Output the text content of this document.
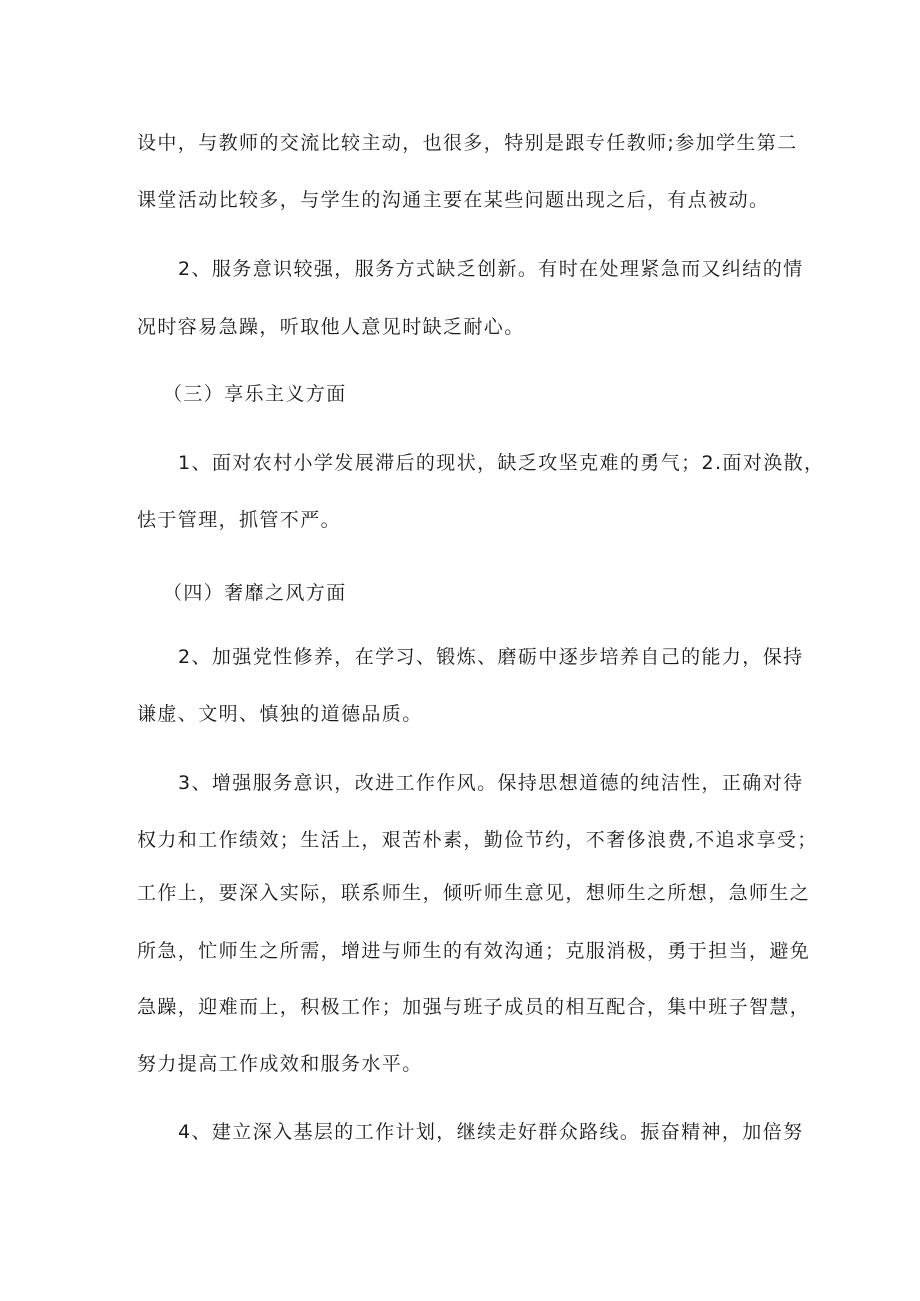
设中，与教师的交流比较主动，也很多，特别是跟专任教师;参加学生第二

课堂活动比较多，与学生的沟通主要在某些问题出现之后，有点被动。

2、服务意识较强，服务方式缺乏创新。有时在处理紧急而又纠结的情

况时容易急躁，听取他人意见时缺乏耐心。

（三）享乐主义方面

1、面对农村小学发展滞后的现状，缺乏攻坚克难的勇气；2.面对涣散，

怯于管理，抓管不严。

（四）奢靡之风方面

2、加强党性修养，在学习、锻炼、磨砺中逐步培养自己的能力，保持

谦虚、文明、慎独的道德品质。

3、增强服务意识，改进工作作风。保持思想道德的纯洁性，正确对待

权力和工作绩效；生活上，艰苦朴素，勤俭节约，不奢侈浪费,不追求享受；

工作上，要深入实际，联系师生，倾听师生意见，想师生之所想，急师生之

所急，忙师生之所需，增进与师生的有效沟通；克服消极，勇于担当，避免

急躁，迎难而上，积极工作；加强与班子成员的相互配合，集中班子智慧，

努力提高工作成效和服务水平。

4、建立深入基层的工作计划，继续走好群众路线。振奋精神，加倍努
